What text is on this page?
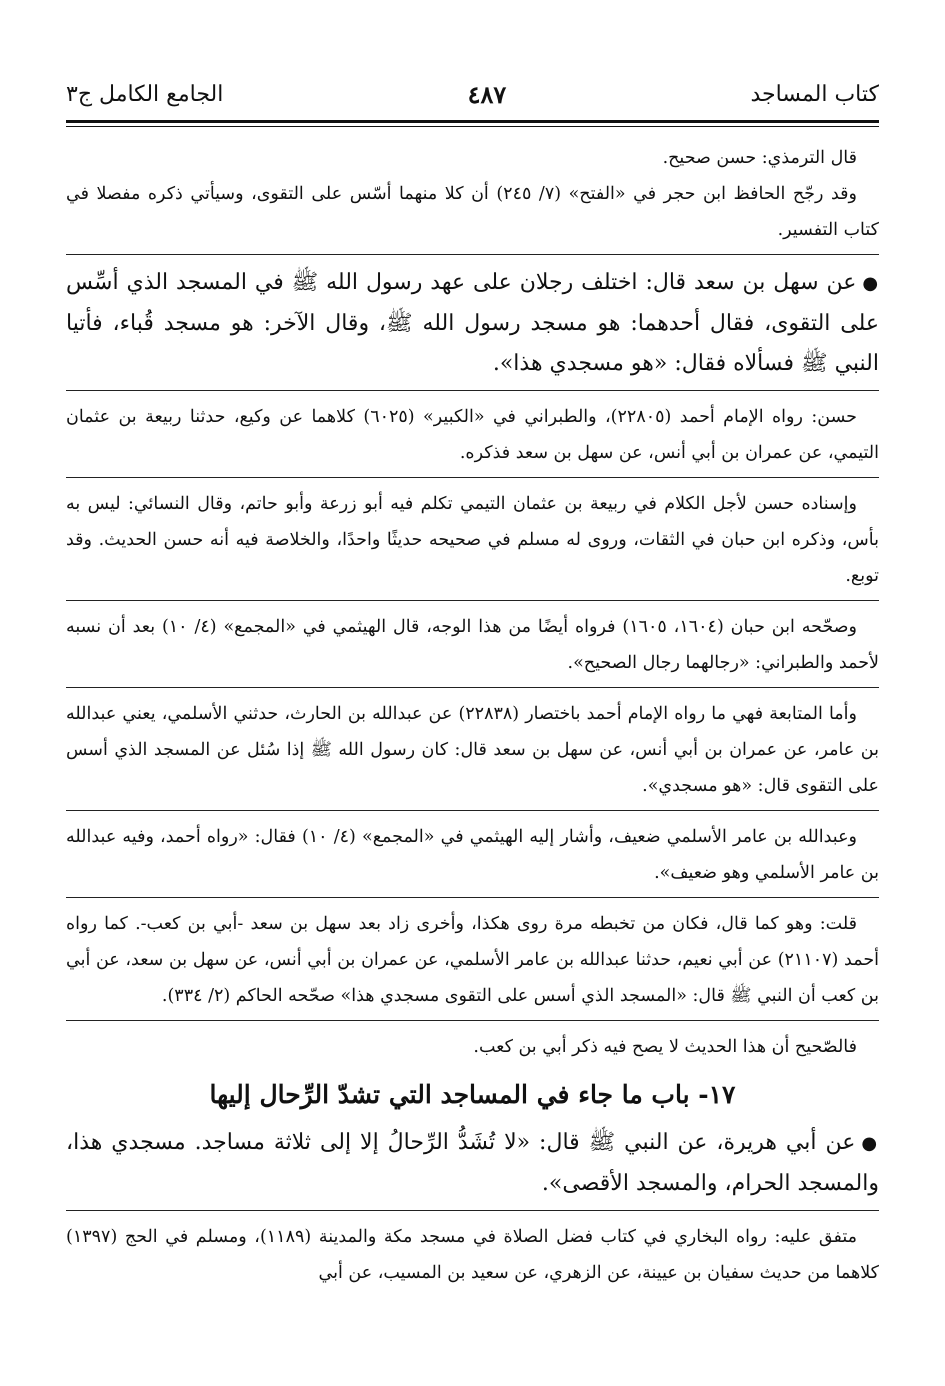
كتاب المساجد
٤٨٧
الجامع الكامل ج٣

قال الترمذي: حسن صحيح.

وقد رجّح الحافظ ابن حجر في «الفتح» (٧/ ٢٤٥) أن كلا منهما أسّس على التقوى، وسيأتي ذكره مفصلا في كتاب التفسير.

●عن سهل بن سعد قال: اختلف رجلان على عهد رسول الله ﷺ في المسجد الذي أسِّس على التقوى، فقال أحدهما: هو مسجد رسول الله ﷺ، وقال الآخر: هو مسجد قُباء، فأتيا النبي ﷺ فسألاه فقال: «هو مسجدي هذا».

حسن: رواه الإمام أحمد (٢٢٨٠٥)، والطبراني في «الكبير» (٦٠٢٥) كلاهما عن وكيع، حدثنا ربيعة بن عثمان التيمي، عن عمران بن أبي أنس، عن سهل بن سعد فذكره.

وإسناده حسن لأجل الكلام في ربيعة بن عثمان التيمي تكلم فيه أبو زرعة وأبو حاتم، وقال النسائي: ليس به بأس، وذكره ابن حبان في الثقات، وروى له مسلم في صحيحه حديثًا واحدًا، والخلاصة فيه أنه حسن الحديث. وقد توبع.

وصحّحه ابن حبان (١٦٠٤، ١٦٠٥) فرواه أيضًا من هذا الوجه، قال الهيثمي في «المجمع» (٤/ ١٠) بعد أن نسبه لأحمد والطبراني: «رجالهما رجال الصحيح».

وأما المتابعة فهي ما رواه الإمام أحمد باختصار (٢٢٨٣٨) عن عبدالله بن الحارث، حدثني الأسلمي، يعني عبدالله بن عامر، عن عمران بن أبي أنس، عن سهل بن سعد قال: كان رسول الله ﷺ إذا سُئل عن المسجد الذي أسس على التقوى قال: «هو مسجدي».

وعبدالله بن عامر الأسلمي ضعيف، وأشار إليه الهيثمي في «المجمع» (٤/ ١٠) فقال: «رواه أحمد، وفيه عبدالله بن عامر الأسلمي وهو ضعيف».

قلت: وهو كما قال، فكان من تخبطه مرة روى هكذا، وأخرى زاد بعد سهل بن سعد -أبي بن كعب-. كما رواه أحمد (٢١١٠٧) عن أبي نعيم، حدثنا عبدالله بن عامر الأسلمي، عن عمران بن أبي أنس، عن سهل بن سعد، عن أبي بن كعب أن النبي ﷺ قال: «المسجد الذي أسس على التقوى مسجدي هذا» صحّحه الحاكم (٢/ ٣٣٤).

فالصّحيح أن هذا الحديث لا يصح فيه ذكر أبي بن كعب.

١٧- باب ما جاء في المساجد التي تشدّ الرِّحال إليها

●عن أبي هريرة، عن النبي ﷺ قال: «لا تُشَدُّ الرِّحالُ إلا إلى ثلاثة مساجد. مسجدي هذا، والمسجد الحرام، والمسجد الأقصى».

متفق عليه: رواه البخاري في كتاب فضل الصلاة في مسجد مكة والمدينة (١١٨٩)، ومسلم في الحج (١٣٩٧) كلاهما من حديث سفيان بن عيينة، عن الزهري، عن سعيد بن المسيب، عن أبي
